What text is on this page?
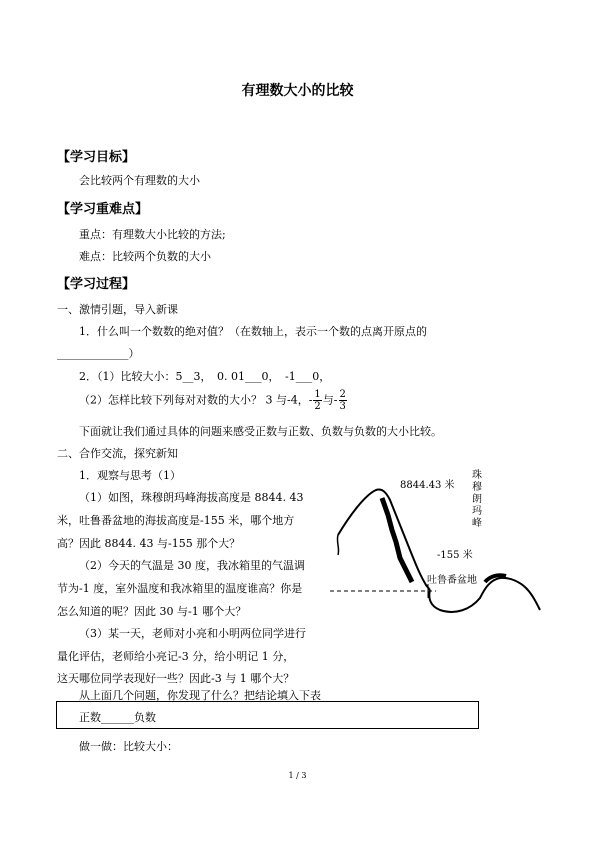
有理数大小的比较
【学习目标】
会比较两个有理数的大小
【学习重难点】
重点：有理数大小比较的方法;
难点：比较两个负数的大小
【学习过程】
一、激情引题，导入新课
1．什么叫一个数数的绝对值？（在数轴上，表示一个数的点离开原点的
_____________）
2．（1）比较大小：5__3，　0. 01___0，　-1___0，
（2）怎样比较下列每对对数的大小？ 3 与-4，- $\frac{1}{2}$ 与- $\frac{2}{3}$
下面就让我们通过具体的问题来感受正数与正数、负数与负数的大小比较。
二、合作交流，探究新知
1．观察与思考（1）
（1）如图，珠穆朗玛峰海拔高度是 8844. 43
米，吐鲁番盆地的海拔高度是-155 米，哪个地方
高？因此 8844. 43 与-155 那个大？
（2）今天的气温是 30 度，我冰箱里的气温调
节为-1 度，室外温度和我冰箱里的温度谁高？你是
怎么知道的呢？因此 30 与-1 哪个大？
（3）某一天，老师对小亮和小明两位同学进行
量化评估，老师给小亮记-3 分，给小明记 1 分，
这天哪位同学表现好一些？因此-3 与 1 哪个大？
从上面几个问题，你发现了什么？把结论填入下表
正数______负数
做一做：比较大小：
8844.43 米
珠穆朗玛峰
-155 米
吐鲁番盆地
1 / 3
